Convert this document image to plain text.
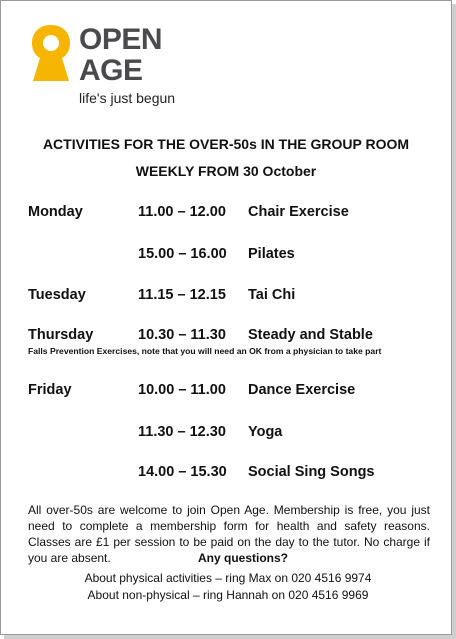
OPEN
AGE
life's just begun
ACTIVITIES FOR THE OVER-50s IN THE GROUP ROOM
WEEKLY FROM 30 October
Monday	11.00 – 12.00 Chair Exercise
15.00 – 16.00 Pilates
Tuesday	11.15 – 12.15 Tai Chi
Thursday	10.30 – 11.30 Steady and Stable
Falls Prevention Exercises, note that you will need an OK from a physician to take part
Friday	10.00 – 11.00 Dance Exercise
11.30 – 12.30 Yoga
14.00 – 15.30 Social Sing Songs
All over-50s are welcome to join Open Age. Membership is free, you just need to complete a membership form for health and safety reasons. Classes are £1 per session to be paid on the day to the tutor. No charge if you are absent.	Any questions?
About physical activities – ring Max on 020 4516 9974
About non-physical – ring Hannah on 020 4516 9969
